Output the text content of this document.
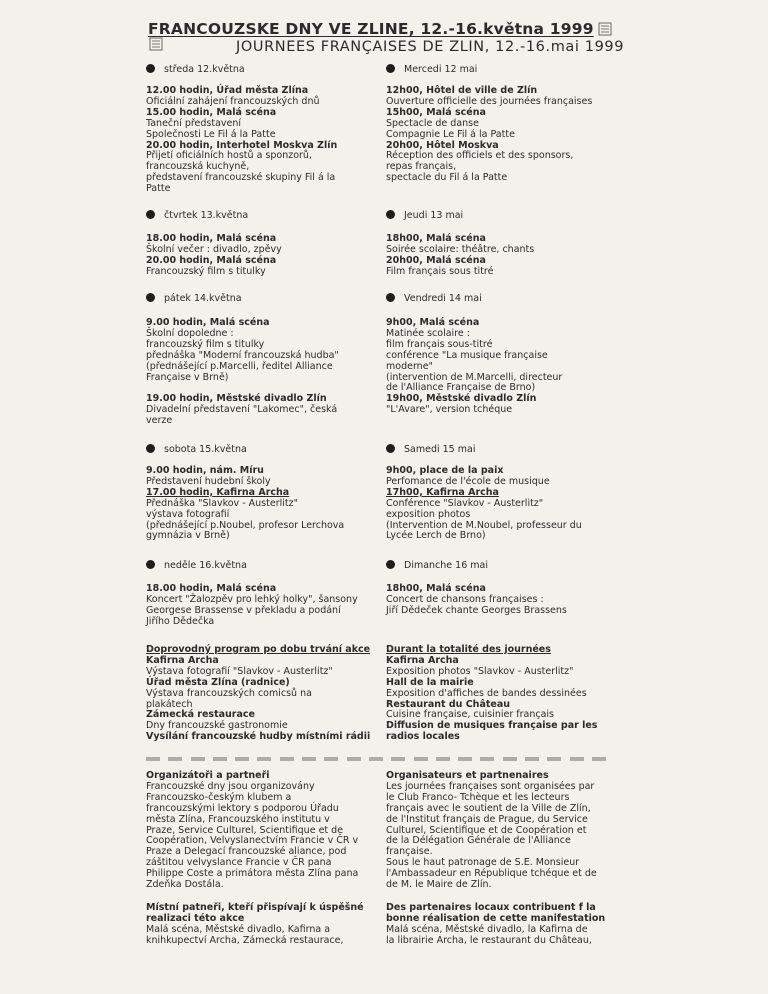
FRANCOUZSKE DNY VE ZLINE, 12.-16.května 1999
JOURNEES FRANÇAISES DE ZLIN, 12.-16.mai 1999
středa 12.května	Mercedi 12 mai
12.00 hodin, Úřad města Zlína
Oficiální zahájení francouzských dnů
15.00 hodin, Malá scéna
Taneční představení
Společnosti Le Fil á la Patte
20.00 hodin, Interhotel Moskva Zlín
Přijetí oficiálních hostů a sponzorů,
francouzská kuchyně,
představení francouzské skupiny Fil á la
Patte
12h00, Hôtel de ville de Zlín
Ouverture officielle des journées françaises
15h00, Malá scéna
Spectacle de danse
Compagnie Le Fil á la Patte
20h00, Hôtel Moskva
Réception des officiels et des sponsors,
repas français,
spectacle du Fil á la Patte
čtvrtek 13.května	Jeudi 13 mai
18.00 hodin, Malá scéna
Školní večer : divadlo, zpěvy
20.00 hodin, Malá scéna
Francouzský film s titulky
18h00, Malá scéna
Soirée scolaire: théâtre, chants
20h00, Malá scéna
Film français sous titré
pátek 14.května	Vendredi 14 mai
9.00 hodin, Malá scéna
Školní dopoledne :
francouzský film s titulky
přednáška "Moderní francouzská hudba"
(přednášející p.Marcelli, ředitel Alliance
Française v Brně)

19.00 hodin, Městské divadlo Zlín
Divadelní představení "Lakomec", česká
verze
9h00, Malá scéna
Matinée scolaire :
film français sous-titré
conférence "La musique française
moderne"
(intervention de M.Marcelli, directeur
de l'Alliance Française de Brno)
19h00, Městské divadlo Zlín
"L'Avare", version tchéque
sobota 15.května	Samedi 15 mai
9.00 hodin, nám. Míru
Představení hudební školy
17.00 hodin, Kafirna Archa
Přednáška "Slavkov - Austerlitz"
výstava fotografií
(přednášející p.Noubel, profesor Lerchova
gymnázia v Brně)
9h00, place de la paix
Perfomance de l'école de musique
17h00, Kafirna Archa
Conférence "Slavkov - Austerlitz"
exposition photos
(Intervention de M.Noubel, professeur du
Lycée Lerch de Brno)
neděle 16.května	Dimanche 16 mai
18.00 hodin, Malá scéna
Koncert "Žalozpěv pro lehký holky", šansony
Georgese Brassense v překladu a podání
Jiřího Dědečka
18h00, Malá scéna
Concert de chansons françaises :
Jiří Dědeček chante Georges Brassens
Doprovodný program po dobu trvání akce
Kafirna Archa
Výstava fotografií "Slavkov - Austerlitz"
Úřad města Zlína (radnice)
Výstava francouzských comicsů na
plakátech
Zámecká restaurace
Dny francouzské gastronomie
Vysílání francouzské hudby místními rádii
Durant la totalité des journées
Kafirna Archa
Exposition photos "Slavkov - Austerlitz"
Hall de la mairie
Exposition d'affiches de bandes dessinées
Restaurant du Château
Cuisine française, cuisinier français
Diffusion de musiques française par les
radios locales
Organizátoři a partneři
Francouzské dny jsou organizovány
Francouzsko-českým klubem a
francouzskými lektory s podporou Úřadu
města Zlína, Francouzského institutu v
Praze, Service Culturel, Scientifique et de
Coopération, Velvyslanectvím Francie v ČR v
Praze a Delegací francouzské aliance, pod
záštitou velvyslance Francie v ČR pana
Philippe Coste a primátora města Zlína pana
Zdeňka Dostála.
Organisateurs et partnenaires
Les journées françaises sont organisées par
le Club Franco- Tchèque et les lecteurs
français avec le soutient de la Ville de Zlín,
de l'Institut français de Prague, du Service
Culturel, Scientifique et de Coopération et
de la Délégation Générale de l'Alliance
française.
Sous le haut patronage de S.E. Monsieur
l'Ambassadeur en République tchéque et de
de M. le Maire de Zlín.
Místní patneři, kteří přispívají k úspěšné
realizaci této akce
Malá scéna, Městské divadlo, Kafirna a
knihkupectví Archa, Zámecká restaurace,
Des partenaires locaux contribuent f la
bonne réalisation de cette manifestation
Malá scéna, Městské divadlo, la Kafirna de
la librairie Archa, le restaurant du Château,
